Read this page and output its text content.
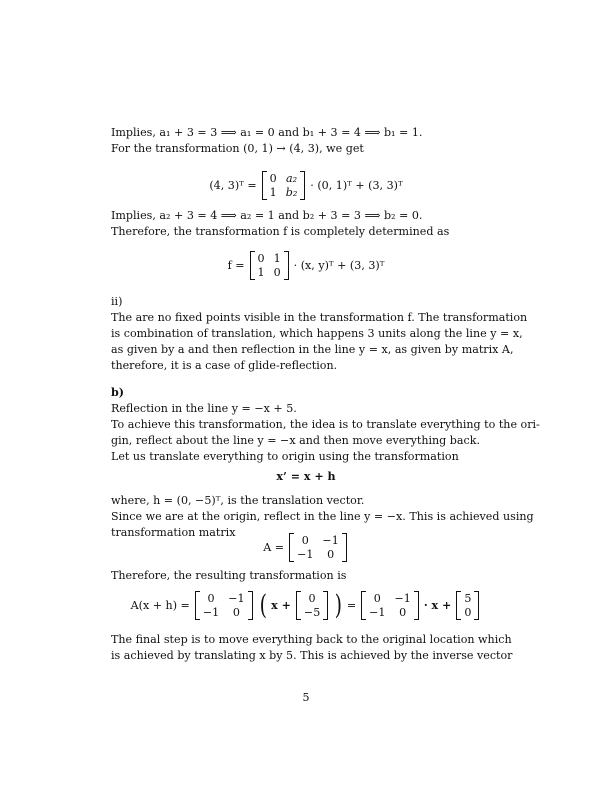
Implies, a₁ + 3 = 3 ⟹ a₁ = 0 and b₁ + 3 = 4 ⟹ b₁ = 1.
For the transformation (0, 1) → (4, 3), we get
(4, 3)ᵀ =
0 a₂
1 b₂ · (0, 1)ᵀ + (3, 3)ᵀ
Implies, a₂ + 3 = 4 ⟹ a₂ = 1 and b₂ + 3 = 3 ⟹ b₂ = 0.
Therefore, the transformation f is completely determined as
f =
0 1
1 0 · (x, y)ᵀ + (3, 3)ᵀ
ii)
The are no fixed points visible in the transformation f. The transformation
is combination of translation, which happens 3 units along the line y = x,
as given by a and then reflection in the line y = x, as given by matrix A,
therefore, it is a case of glide-reflection.
b)
Reflection in the line y = −x + 5.
To achieve this transformation, the idea is to translate everything to the ori-
gin, reflect about the line y = −x and then move everything back.
Let us translate everything to origin using the transformation
x’ = x + h
where, h = (0, −5)ᵀ, is the translation vector.
Since we are at the origin, reflect in the line y = −x. This is achieved using
transformation matrix
A =
0	−1
−1	0
Therefore, the resulting transformation is
A(x + h) =
0	−1
−1	0 ( x +
0
−5 ) =
0	−1
−1	0	· x +
5
0
The final step is to move everything back to the original location which
is achieved by translating x by 5. This is achieved by the inverse vector
5
